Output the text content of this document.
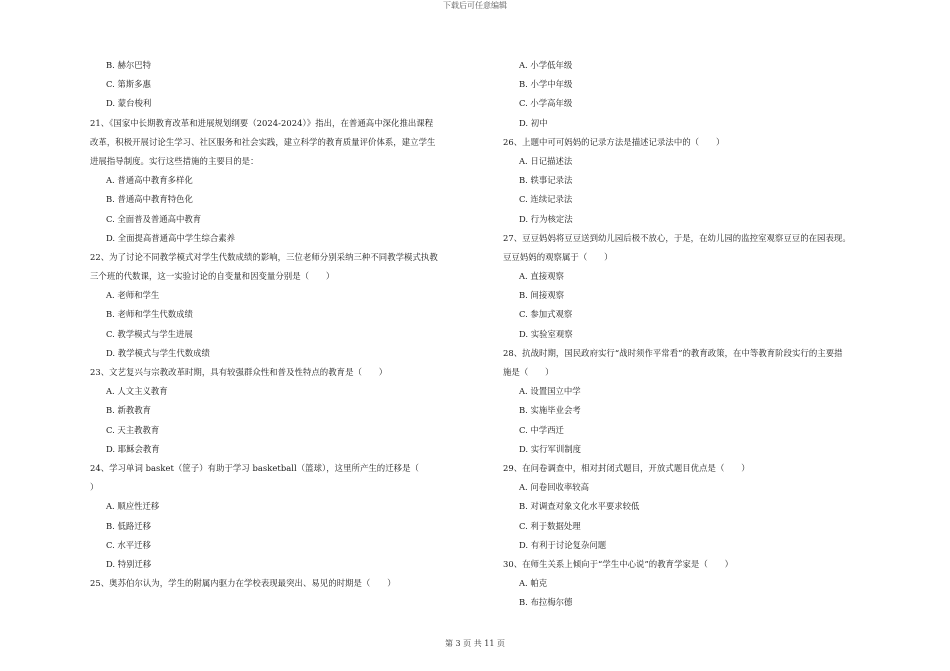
下载后可任意编辑
B. 赫尔巴特
C. 第斯多惠
D. 蒙台梭利
21、《国家中长期教育改革和进展规划纲要（2024-2024）》指出，在普通高中深化推出课程
改革，积极开展讨论生学习、社区服务和社会实践，建立科学的教育质量评价体系，建立学生
进展指导制度。实行这些措施的主要目的是：
A. 普通高中教育多样化
B. 普通高中教育特色化
C. 全面普及普通高中教育
D. 全面提高普通高中学生综合素养
22、为了讨论不同教学模式对学生代数成绩的影响，三位老师分别采纳三种不同教学模式执教
三个班的代数课，这一实验讨论的自变量和因变量分别是（　　）
A. 老师和学生
B. 老师和学生代数成绩
C. 教学模式与学生进展
D. 教学模式与学生代数成绩
23、文艺复兴与宗教改革时期，具有较强群众性和普及性特点的教育是（　　）
A. 人文主义教育
B. 新教教育
C. 天主教教育
D. 耶稣会教育
24、学习单词 basket（筐子）有助于学习 basketball（篮球），这里所产生的迁移是（
）
A. 顺应性迁移
B. 低路迁移
C. 水平迁移
D. 特别迁移
25、奥苏伯尔认为，学生的附属内驱力在学校表现最突出、易见的时期是（　　）
A. 小学低年级
B. 小学中年级
C. 小学高年级
D. 初中
26、上题中可可妈妈的记录方法是描述记录法中的（　　）
A. 日记描述法
B. 轶事记录法
C. 连续记录法
D. 行为核定法
27、豆豆妈妈将豆豆送到幼儿园后极不放心，于是，在幼儿园的监控室观察豆豆的在园表现。
豆豆妈妈的观察属于（　　）
A. 直接观察
B. 间接观察
C. 参加式观察
D. 实验室观察
28、抗战时期，国民政府实行“战时须作平常看”的教育政策，在中等教育阶段实行的主要措
施是（　　）
A. 设置国立中学
B. 实施毕业会考
C. 中学西迁
D. 实行军训制度
29、在问卷调查中，相对封闭式题目，开放式题目优点是（　　）
A. 问卷回收率较高
B. 对调查对象文化水平要求较低
C. 利于数据处理
D. 有利于讨论复杂问题
30、在师生关系上倾向于“学生中心说”的教育学家是（　　）
A. 帕克
B. 布拉梅尔德
第 3 页 共 11 页
